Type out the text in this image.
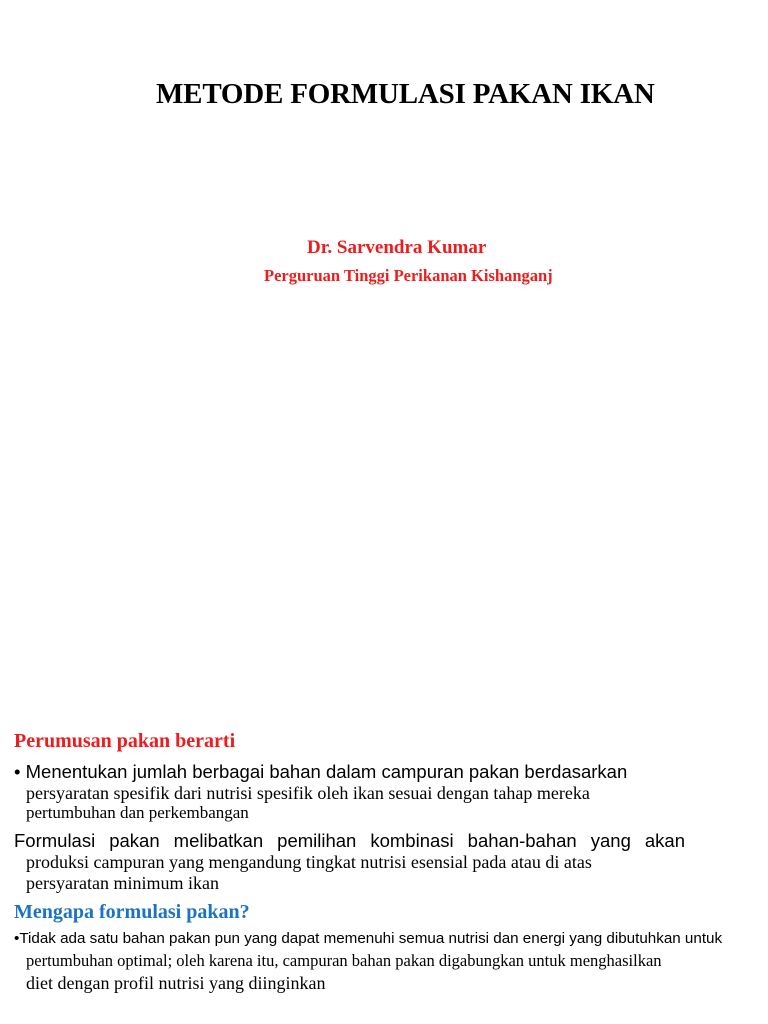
METODE FORMULASI PAKAN IKAN
Dr. Sarvendra Kumar
Perguruan Tinggi Perikanan Kishanganj
Perumusan pakan berarti
• Menentukan jumlah berbagai bahan dalam campuran pakan berdasarkan
persyaratan spesifik dari nutrisi spesifik oleh ikan sesuai dengan tahap mereka
pertumbuhan dan perkembangan
Formulasi pakan melibatkan pemilihan kombinasi bahan-bahan yang akan
produksi campuran yang mengandung tingkat nutrisi esensial pada atau di atas
persyaratan minimum ikan
Mengapa formulasi pakan?
•Tidak ada satu bahan pakan pun yang dapat memenuhi semua nutrisi dan energi yang dibutuhkan untuk
pertumbuhan optimal; oleh karena itu, campuran bahan pakan digabungkan untuk menghasilkan
diet dengan profil nutrisi yang diinginkan
